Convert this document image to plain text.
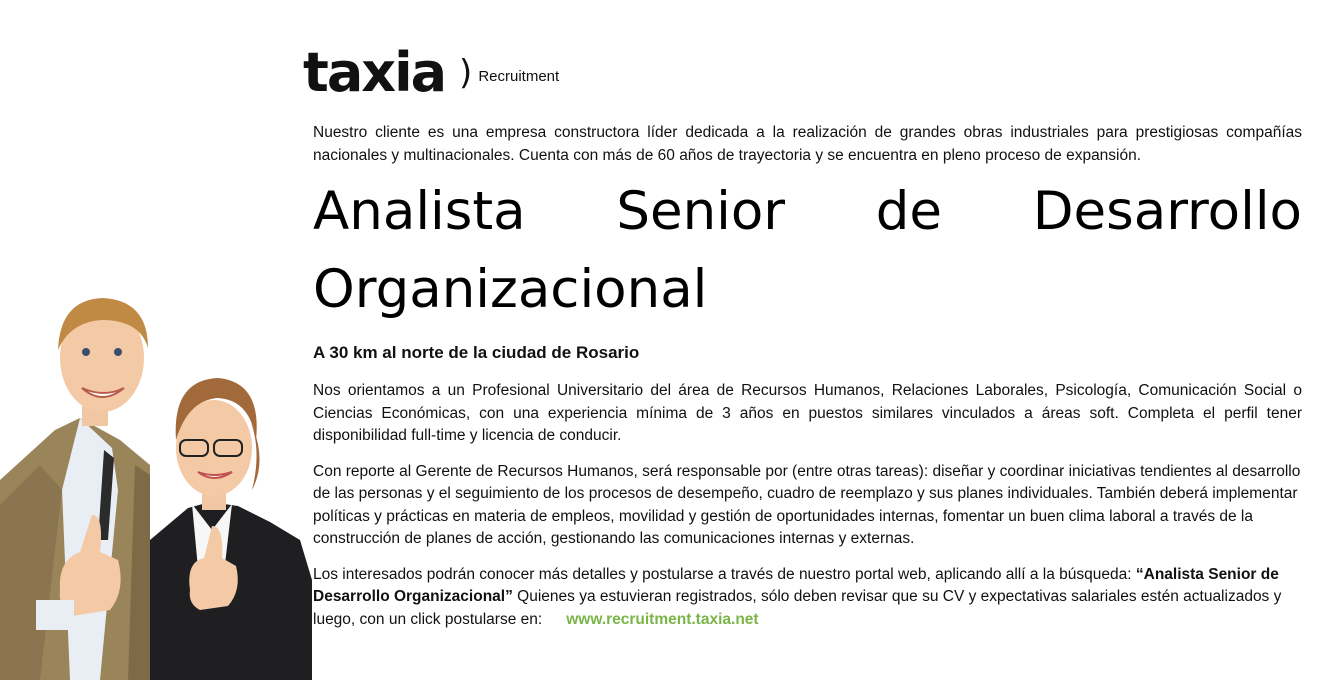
taxia ) Recruitment

Nuestro cliente es una empresa constructora líder dedicada a la realización de grandes obras industriales para prestigiosas compañías nacionales y multinacionales. Cuenta con más de 60 años de trayectoria y se encuentra en pleno proceso de expansión.

Analista Senior de Desarrollo Organizacional
A 30 km al norte de la ciudad de Rosario

Nos orientamos a un Profesional Universitario del área de Recursos Humanos, Relaciones Laborales, Psicología, Comunicación Social o Ciencias Económicas, con una experiencia mínima de 3 años en puestos similares vinculados a áreas soft. Completa el perfil tener disponibilidad full-time y licencia de conducir.

Con reporte al Gerente de Recursos Humanos, será responsable por (entre otras tareas): diseñar y coordinar iniciativas tendientes al desarrollo de las personas y el seguimiento de los procesos de desempeño, cuadro de reemplazo y sus planes individuales. También deberá implementar políticas y prácticas en materia de empleos, movilidad y gestión de oportunidades internas, fomentar un buen clima laboral a través de la construcción de planes de acción, gestionando las comunicaciones internas y externas.

Los interesados podrán conocer más detalles y postularse a través de nuestro portal web, aplicando allí a la búsqueda: “Analista Senior de Desarrollo Organizacional” Quienes ya estuvieran registrados, sólo deben revisar que su CV y expectativas salariales estén actualizados y luego, con un click postularse en: www.recruitment.taxia.net
